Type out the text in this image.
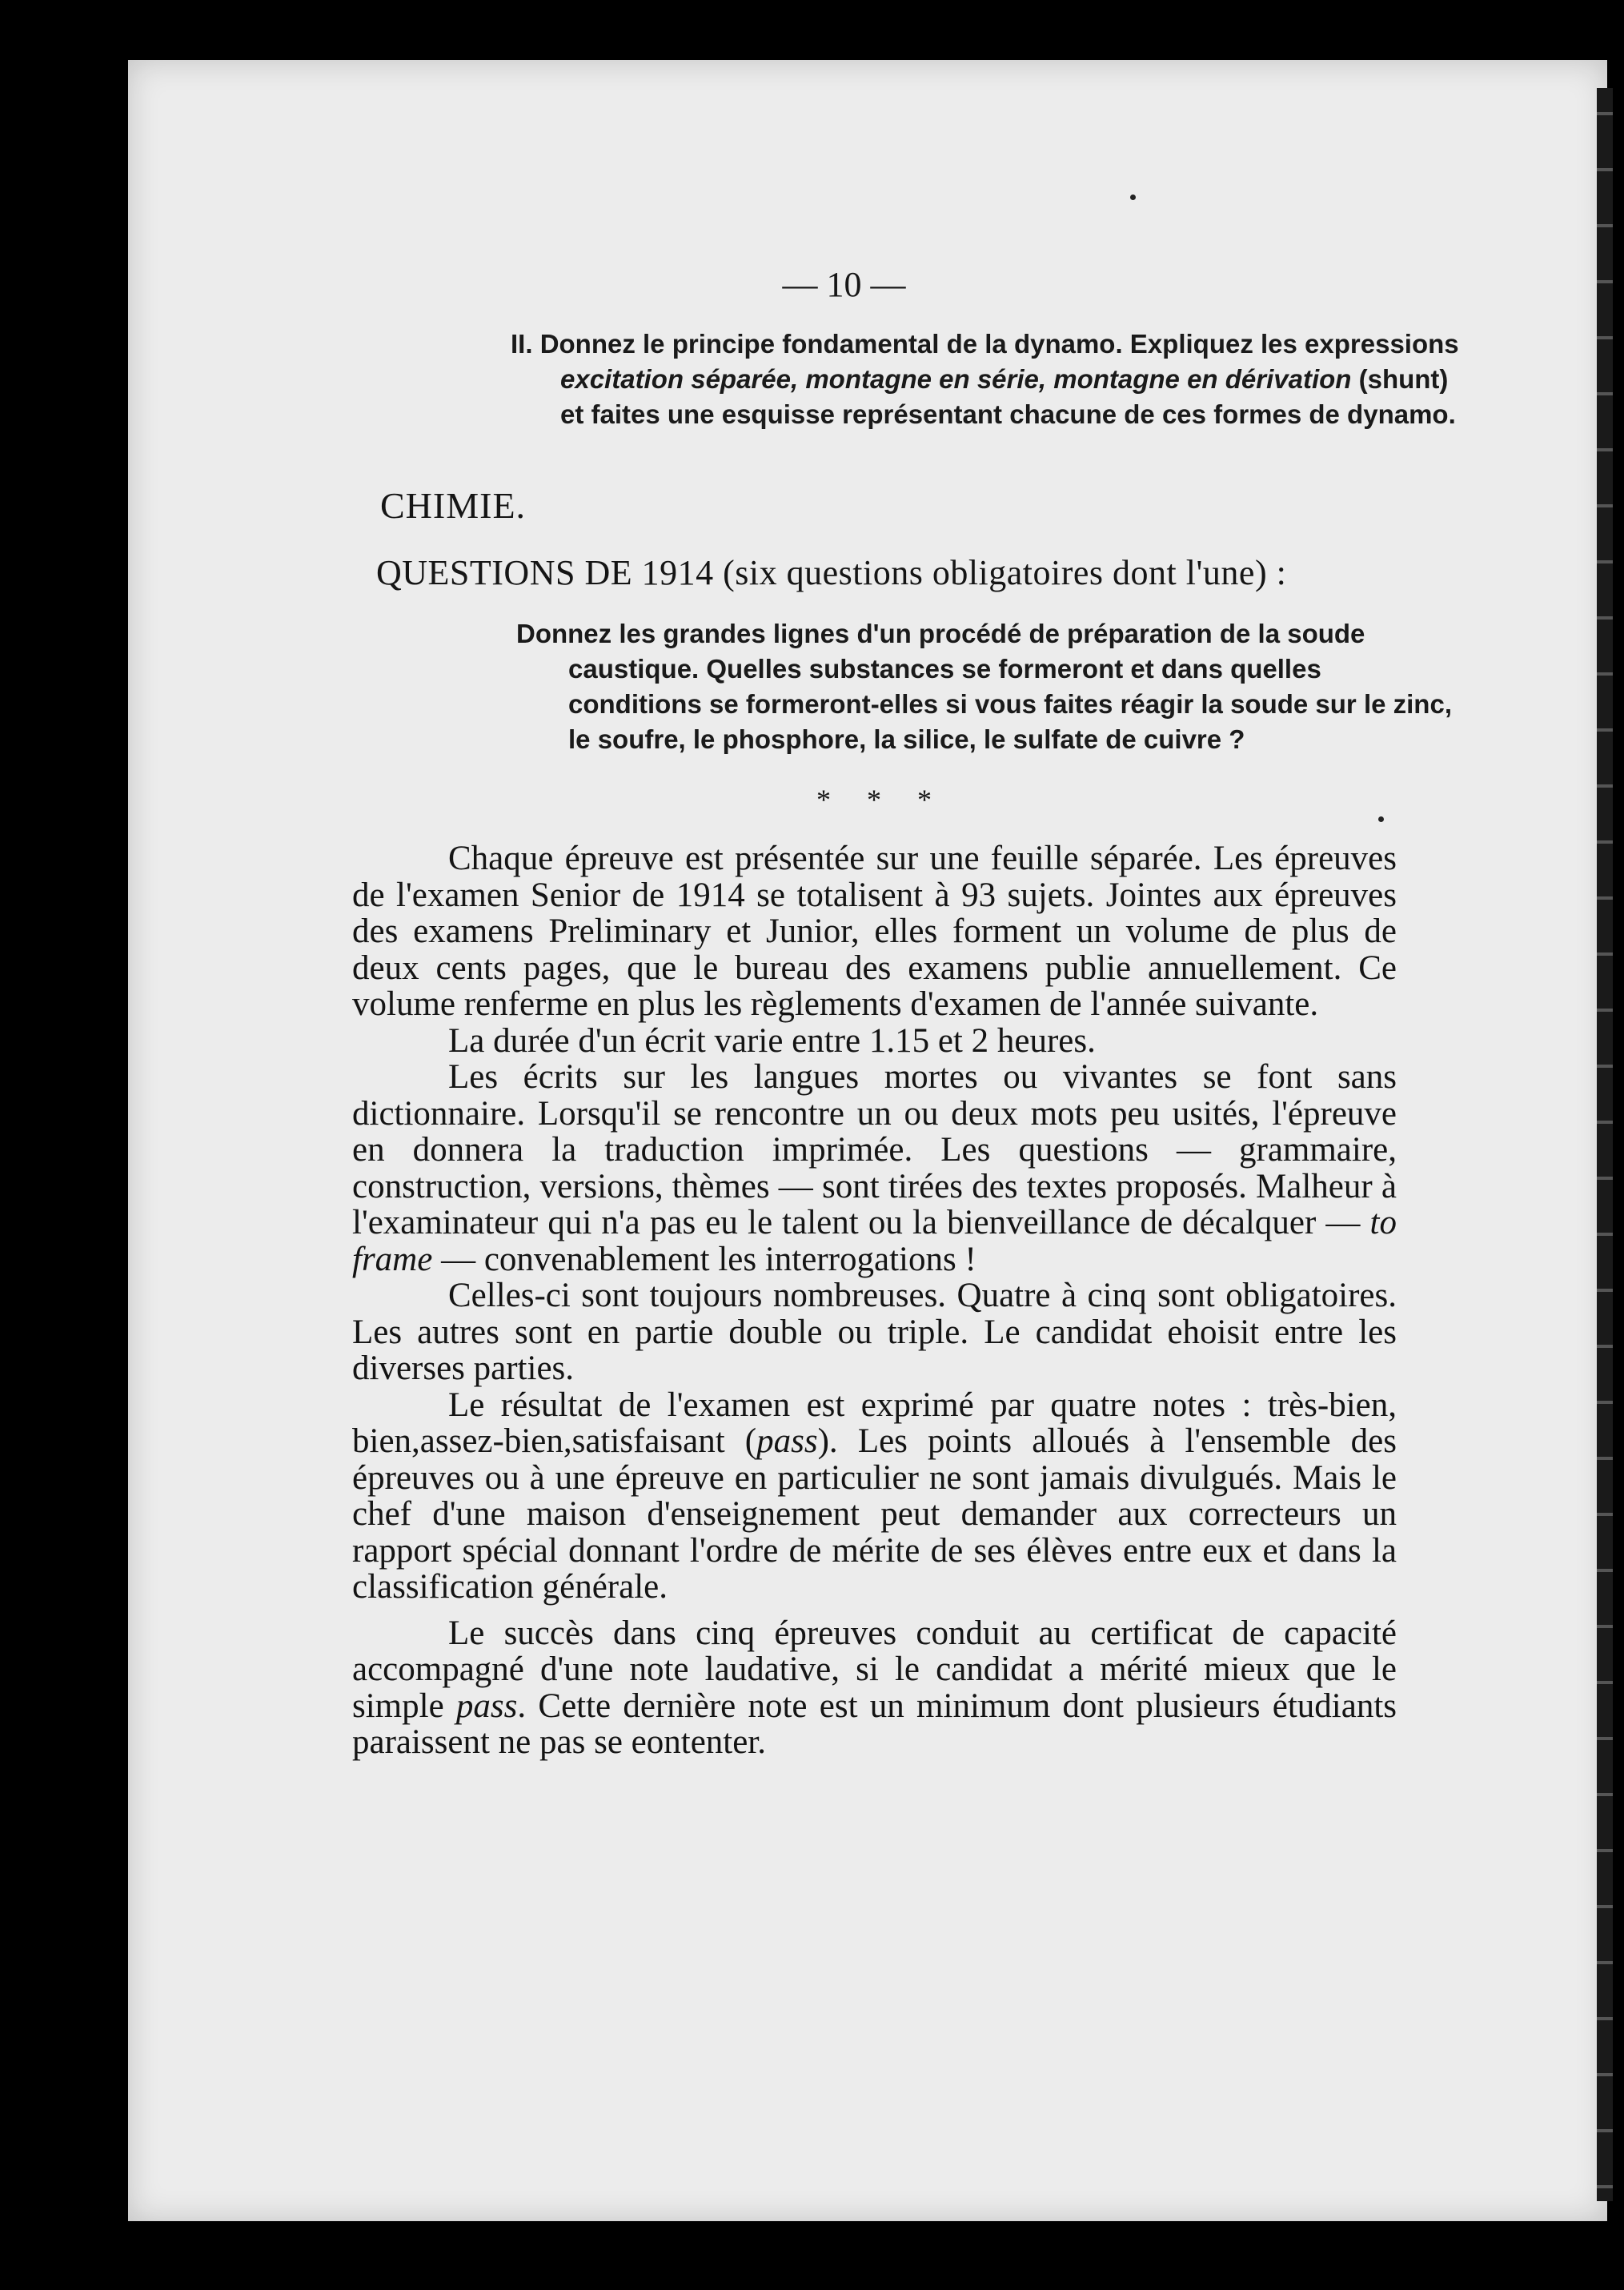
— 10 —
II. Donnez le principe fondamental de la dynamo. Expliquez les expressions excitation séparée, montagne en série, montagne en dérivation (shunt) et faites une esquisse représentant chacune de ces formes de dynamo.
CHIMIE.
QUESTIONS DE 1914 (six questions obligatoires dont l'une) :
Donnez les grandes lignes d'un procédé de préparation de la soude caustique. Quelles substances se formeront et dans quelles conditions se formeront-elles si vous faites réagir la soude sur le zinc, le soufre, le phosphore, la silice, le sulfate de cuivre ?
* * *

Chaque épreuve est présentée sur une feuille séparée. Les épreuves de l'examen Senior de 1914 se totalisent à 93 sujets. Jointes aux épreuves des examens Preliminary et Junior, elles forment un volume de plus de deux cents pages, que le bureau des examens publie annuellement. Ce volume renferme en plus les règlements d'examen de l'année suivante.

La durée d'un écrit varie entre 1.15 et 2 heures.

Les écrits sur les langues mortes ou vivantes se font sans dictionnaire. Lorsqu'il se rencontre un ou deux mots peu usités, l'épreuve en donnera la traduction imprimée. Les questions — grammaire, construction, versions, thèmes — sont tirées des textes proposés. Malheur à l'examinateur qui n'a pas eu le talent ou la bienveillance de décalquer — to frame — convenablement les interrogations !

Celles-ci sont toujours nombreuses. Quatre à cinq sont obligatoires. Les autres sont en partie double ou triple. Le candidat ehoisit entre les diverses parties.

Le résultat de l'examen est exprimé par quatre notes : très-bien, bien,assez-bien,satisfaisant (pass). Les points alloués à l'ensemble des épreuves ou à une épreuve en particulier ne sont jamais divulgués. Mais le chef d'une maison d'enseignement peut demander aux correcteurs un rapport spécial donnant l'ordre de mérite de ses élèves entre eux et dans la classification générale.

Le succès dans cinq épreuves conduit au certificat de capacité accompagné d'une note laudative, si le candidat a mérité mieux que le simple pass. Cette dernière note est un minimum dont plusieurs étudiants paraissent ne pas se eontenter.
